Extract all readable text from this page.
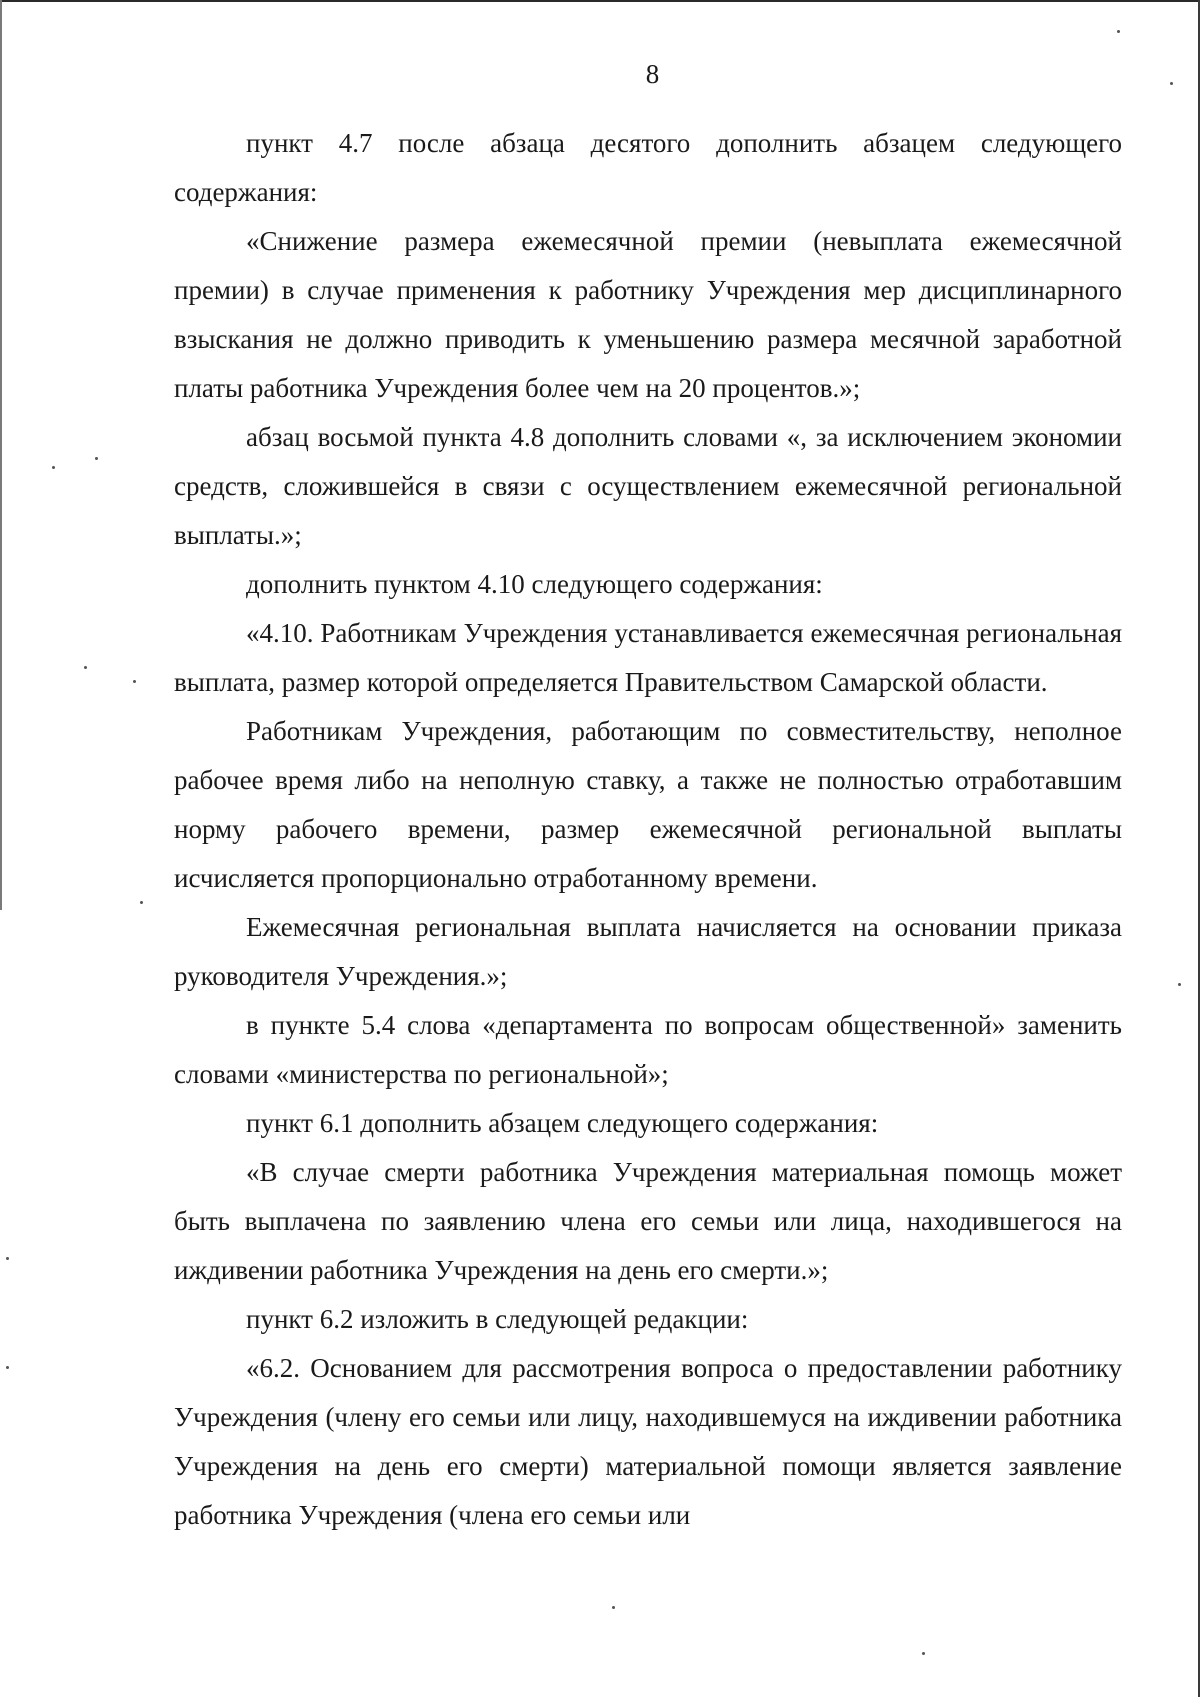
8

пункт 4.7 после абзаца десятого дополнить абзацем следующего содержания:

«Снижение размера ежемесячной премии (невыплата ежемесячной премии) в случае применения к работнику Учреждения мер дисциплинарного взыскания не должно приводить к уменьшению размера месячной заработной платы работника Учреждения более чем на 20 процентов.»;

абзац восьмой пункта 4.8 дополнить словами «, за исключением экономии средств, сложившейся в связи с осуществлением ежемесячной региональной выплаты.»;

дополнить пунктом 4.10 следующего содержания:

«4.10. Работникам Учреждения устанавливается ежемесячная региональная выплата, размер которой определяется Правительством Самарской области.

Работникам Учреждения, работающим по совместительству, неполное рабочее время либо на неполную ставку, а также не полностью отработавшим норму рабочего времени, размер ежемесячной региональной выплаты исчисляется пропорционально отработанному времени.

Ежемесячная региональная выплата начисляется на основании приказа руководителя Учреждения.»;

в пункте 5.4 слова «департамента по вопросам общественной» заменить словами «министерства по региональной»;

пункт 6.1 дополнить абзацем следующего содержания:

«В случае смерти работника Учреждения материальная помощь может быть выплачена по заявлению члена его семьи или лица, находившегося на иждивении работника Учреждения на день его смерти.»;

пункт 6.2 изложить в следующей редакции:

«6.2. Основанием для рассмотрения вопроса о предоставлении работнику Учреждения (члену его семьи или лицу, находившемуся на иждивении работника Учреждения на день его смерти) материальной помощи является заявление работника Учреждения (члена его семьи или
